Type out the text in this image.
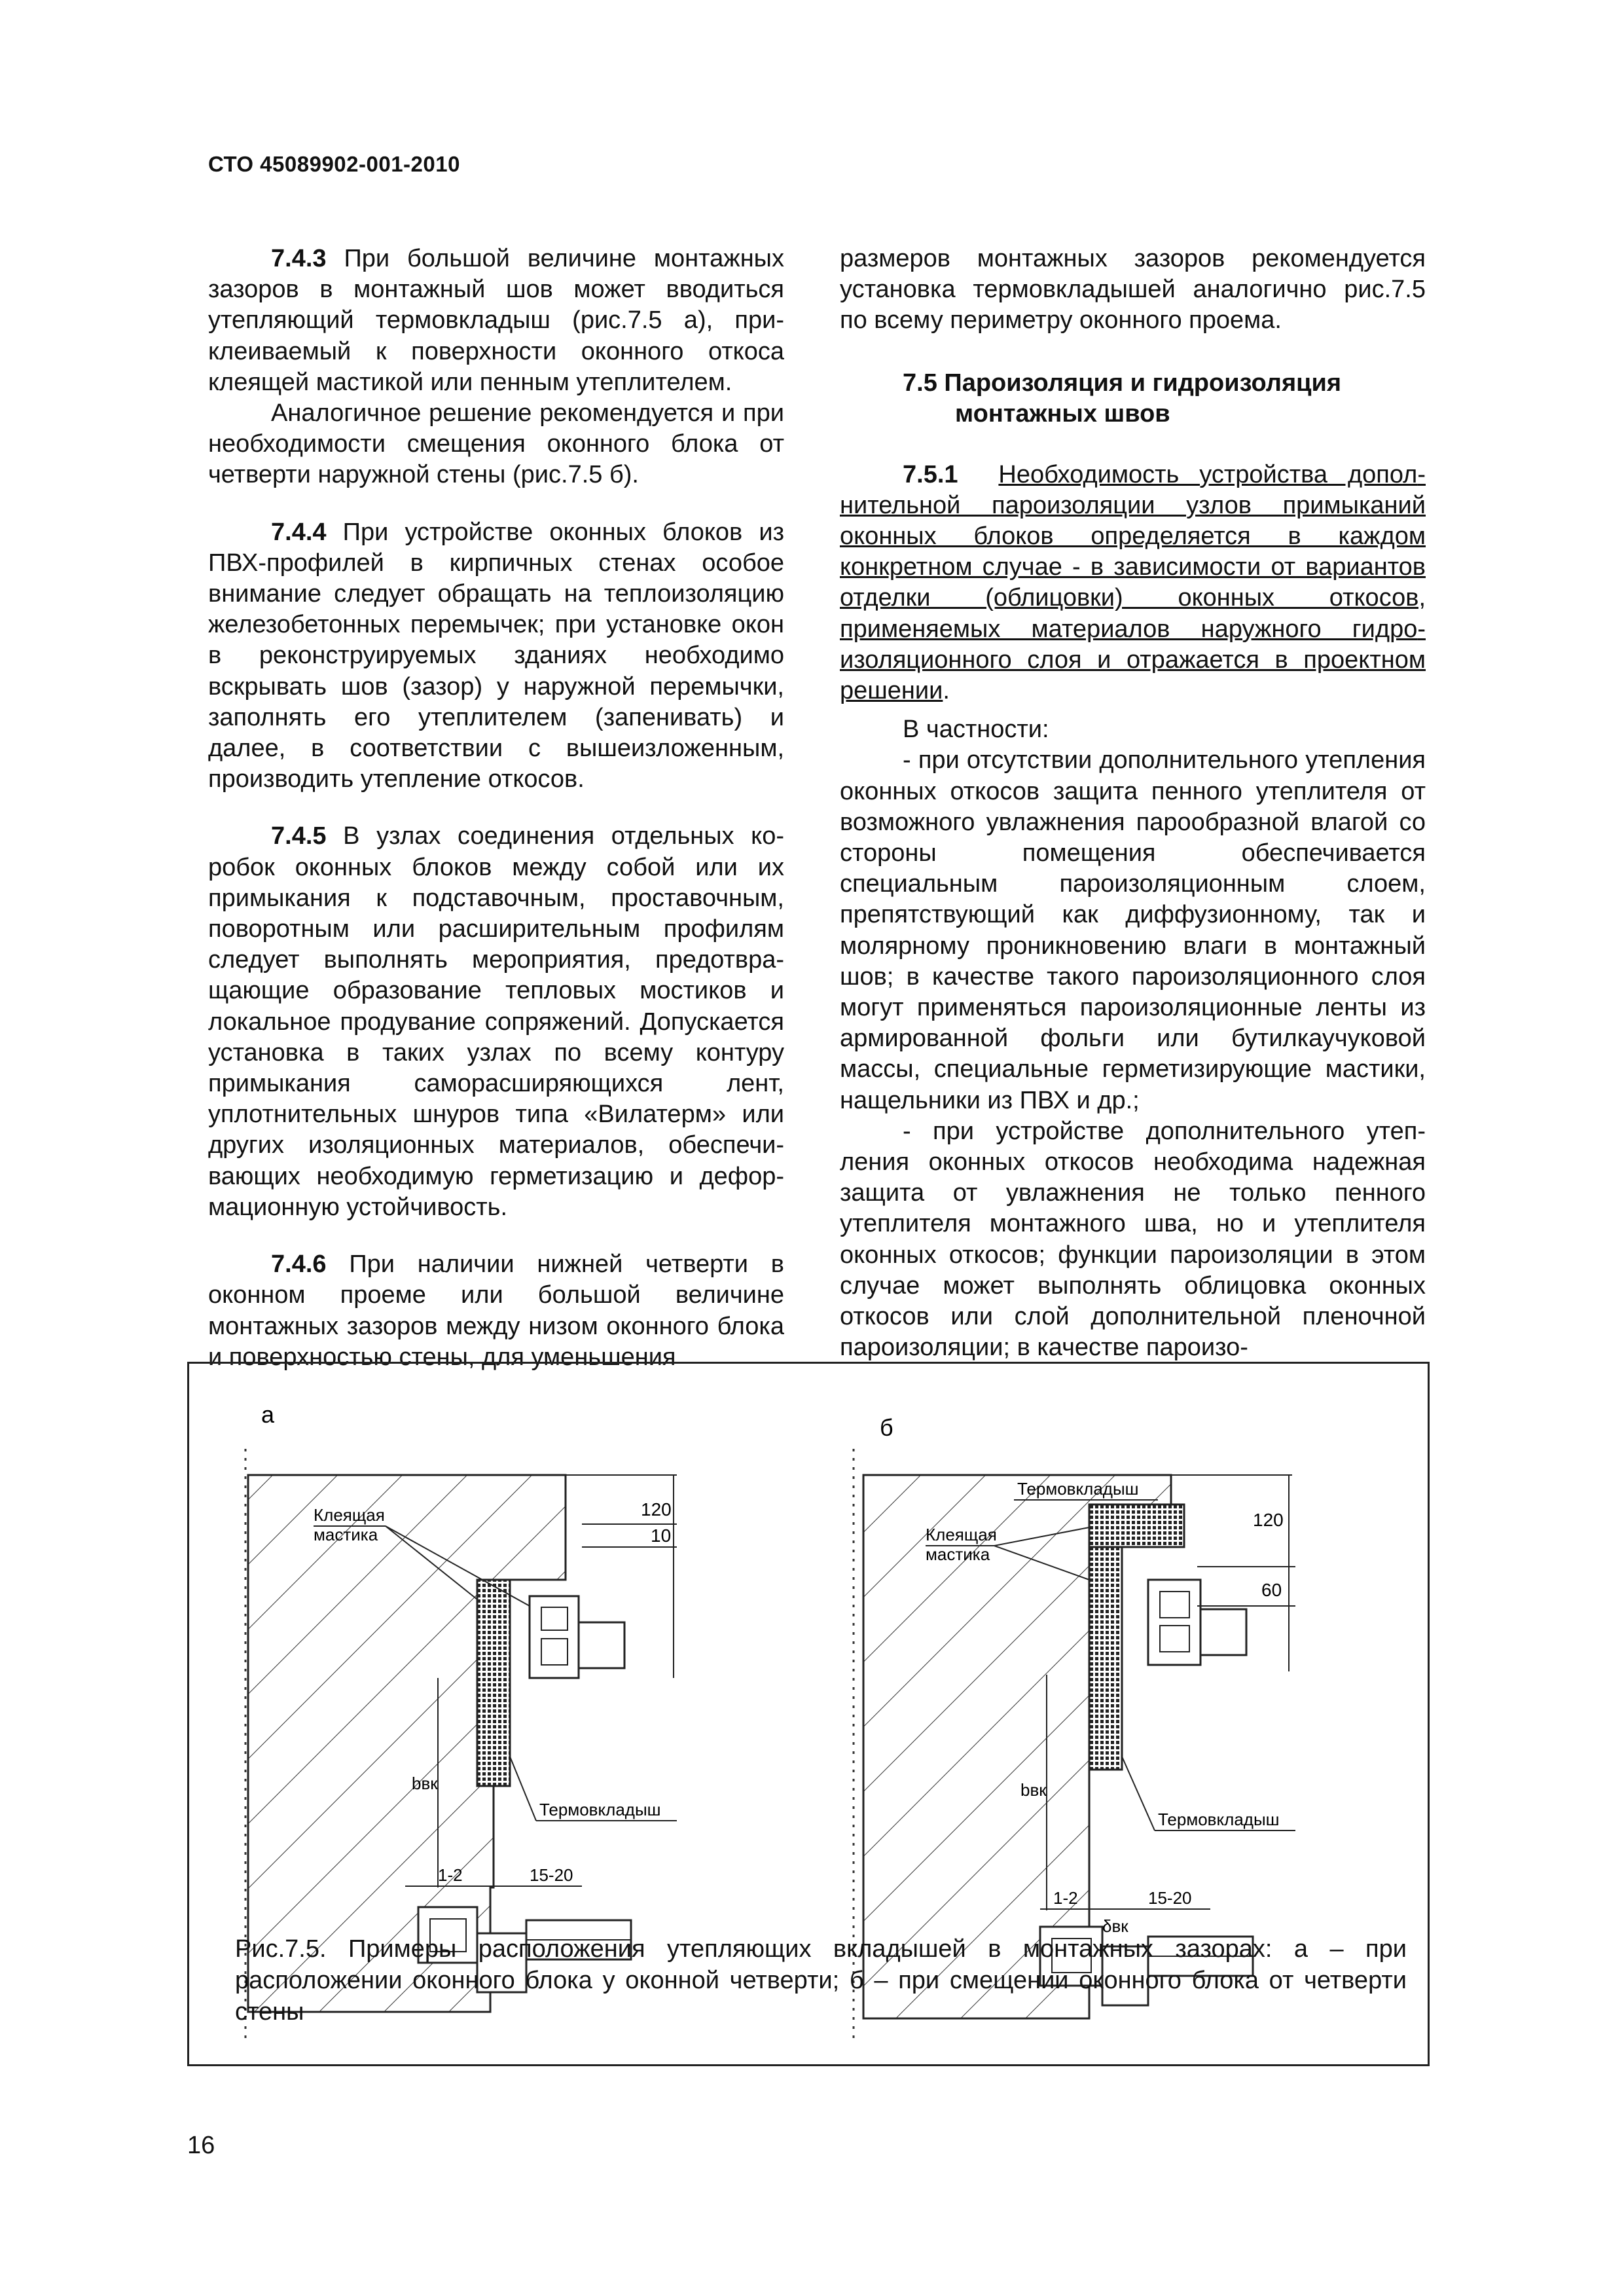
СТО 45089902-001-2010

7.4.3 При большой величине монтажных зазоров в монтажный шов может вводиться утепляющий термовкладыш (рис.7.5 а), приклеиваемый к поверхности оконного откоса клеящей мастикой или пенным утеплителем.

Аналогичное решение рекомендуется и при необходимости смещения оконного блока от четверти наружной стены (рис.7.5 б).

7.4.4 При устройстве оконных блоков из ПВХ-профилей в кирпичных стенах особое внимание следует обращать на теплоизоляцию железобетонных перемычек; при установке окон в реконструируемых зданиях необходимо вскрывать шов (зазор) у наружной перемычки, заполнять его утеплителем (запенивать) и далее, в соответствии с вышеизложенным, производить утепление откосов.

7.4.5 В узлах соединения отдельных коробок оконных блоков между собой или их примыкания к подставочным, проставочным, поворотным или расширительным профилям следует выполнять мероприятия, предотвращающие образование тепловых мостиков и локальное продувание сопряжений. Допускается установка в таких узлах по всему контуру примыкания саморасширяющихся лент, уплотнительных шнуров типа «Вилатерм» или других изоляционных материалов, обеспечивающих необходимую герметизацию и деформационную устойчивость.

7.4.6 При наличии нижней четверти в оконном проеме или большой величине монтажных зазоров между низом оконного блока и поверхностью стены, для уменьшения

размеров монтажных зазоров рекомендуется установка термовкладышей аналогично рис.7.5 по всему периметру оконного проема.

7.5 Пароизоляция и гидроизоляция
монтажных швов

7.5.1 Необходимость устройства дополнительной пароизоляции узлов примыканий оконных блоков определяется в каждом конкретном случае - в зависимости от вариантов отделки (облицовки) оконных откосов, применяемых материалов наружного гидроизоляционного слоя и отражается в проектном решении.

В частности:

- при отсутствии дополнительного утепления оконных откосов защита пенного утеплителя от возможного увлажнения парообразной влагой со стороны помещения обеспечивается специальным пароизоляционным слоем, препятствующий как диффузионному, так и молярному проникновению влаги в монтажный шов; в качестве такого пароизоляционного слоя могут применяться пароизоляционные ленты из армированной фольги или бутилкаучуковой массы, специальные герметизирующие мастики, нащельники из ПВХ и др.;

- при устройстве дополнительного утепления оконных откосов необходима надежная защита от увлажнения не только пенного утеплителя монтажного шва, но и утеплителя оконных откосов; функции пароизоляции в этом случае может выполнять облицовка оконных откосов или слой дополнительной пленочной пароизоляции; в качестве пароизо-

а
120
10
bвк
Клеящая
мастика
Термовкладыш
1-2	15-20
б
120
60
bвк
Термовкладыш
Клеящая
мастика
Термовкладыш
1-2	15-20
δвк
Рис.7.5. Примеры расположения утепляющих вкладышей в монтажных зазорах: а – при расположении оконного блока у оконной четверти; б – при смещении оконного блока от четверти стены
16
